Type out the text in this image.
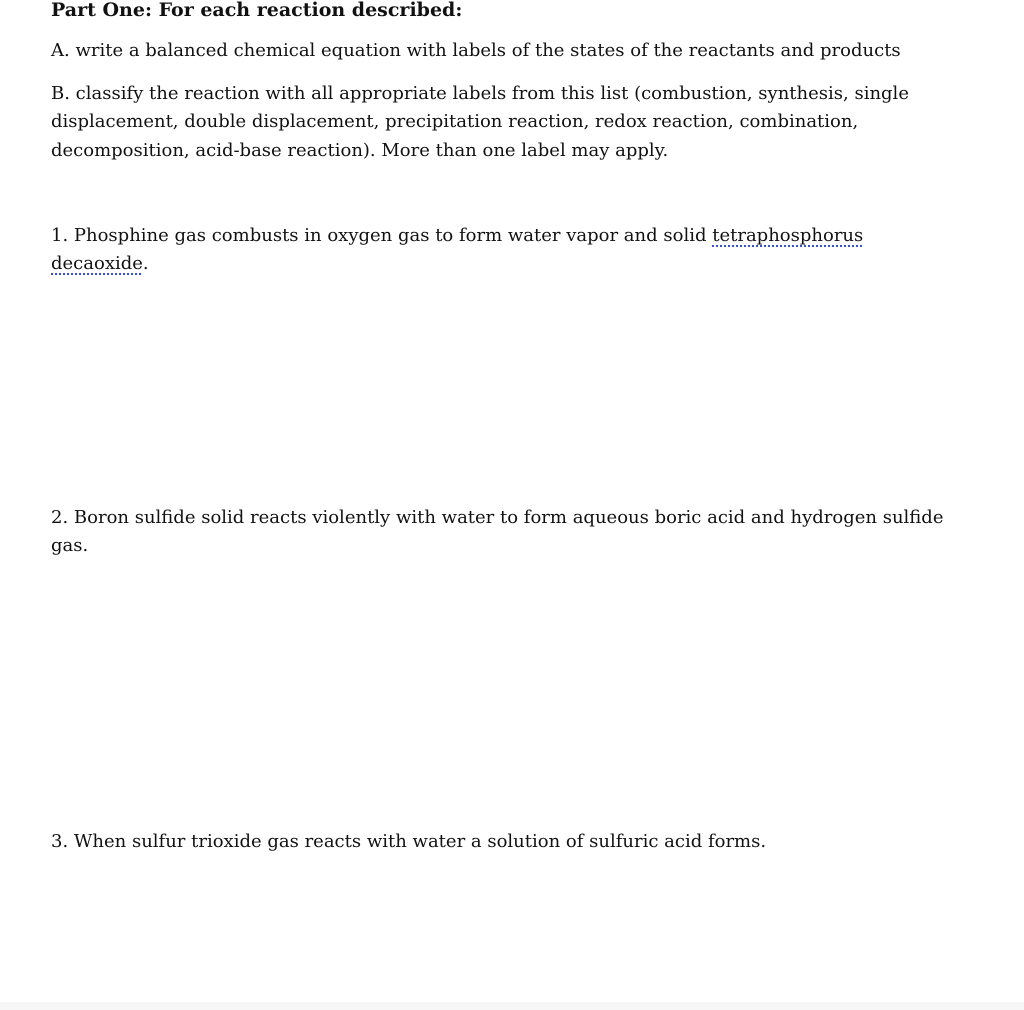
Part One: For each reaction described:
A. write a balanced chemical equation with labels of the states of the reactants and products
B. classify the reaction with all appropriate labels from this list (combustion, synthesis, single
displacement, double displacement, precipitation reaction, redox reaction, combination,
decomposition, acid-base reaction). More than one label may apply.
1. Phosphine gas combusts in oxygen gas to form water vapor and solid tetraphosphorus
decaoxide.
2. Boron sulfide solid reacts violently with water to form aqueous boric acid and hydrogen sulfide
gas.
3. When sulfur trioxide gas reacts with water a solution of sulfuric acid forms.
